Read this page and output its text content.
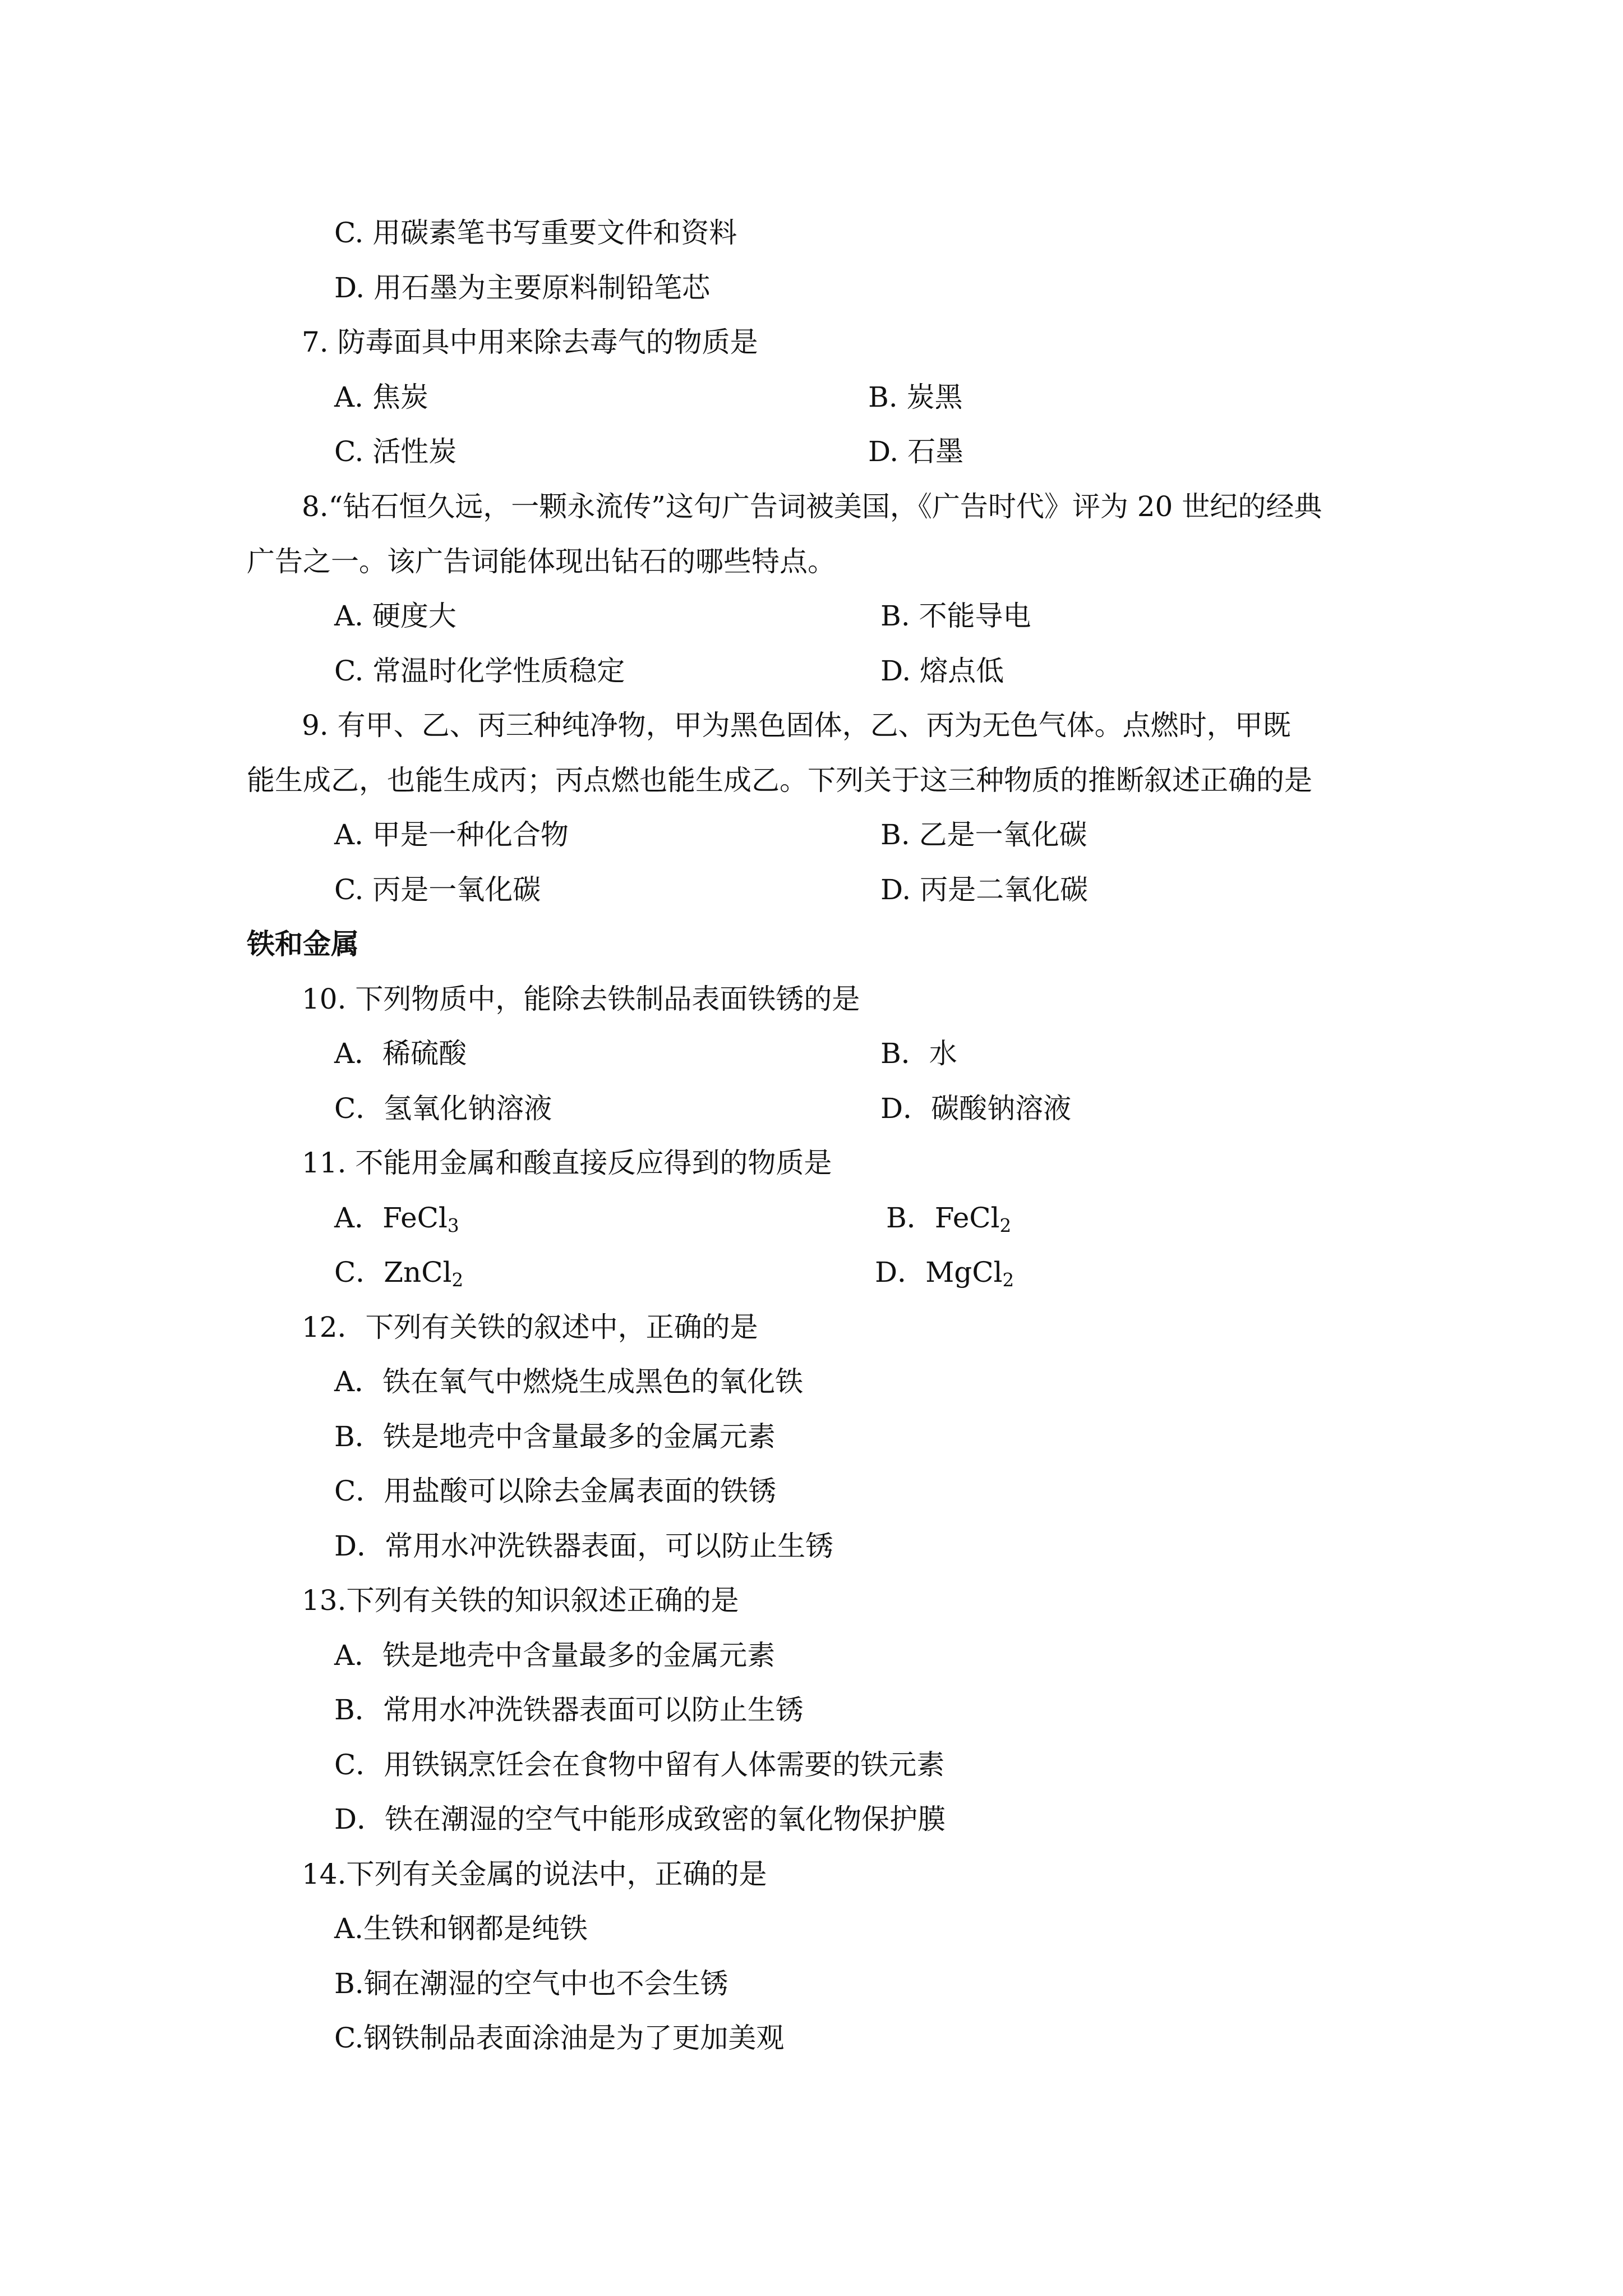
C. 用碳素笔书写重要文件和资料
D. 用石墨为主要原料制铅笔芯
7. 防毒面具中用来除去毒气的物质是
A. 焦炭	B. 炭黑
C. 活性炭	D. 石墨
8.“钻石恒久远，一颗永流传”这句广告词被美国，《广告时代》评为 20 世纪的经典
广告之一。该广告词能体现出钻石的哪些特点。
A. 硬度大	B. 不能导电
C. 常温时化学性质稳定	D. 熔点低
9. 有甲、乙、丙三种纯净物，甲为黑色固体，乙、丙为无色气体。点燃时，甲既
能生成乙，也能生成丙；丙点燃也能生成乙。下列关于这三种物质的推断叙述正确的是
A. 甲是一种化合物	B. 乙是一氧化碳
C. 丙是一氧化碳	D. 丙是二氧化碳
铁和金属
10. 下列物质中，能除去铁制品表面铁锈的是
A．稀硫酸	B．水
C．氢氧化钠溶液	D．碳酸钠溶液
11. 不能用金属和酸直接反应得到的物质是
A．FeCl$_3$	B．FeCl$_2$
C．ZnCl$_2$	D．MgCl$_2$
12．下列有关铁的叙述中，正确的是
A．铁在氧气中燃烧生成黑色的氧化铁
B．铁是地壳中含量最多的金属元素
C．用盐酸可以除去金属表面的铁锈
D．常用水冲洗铁器表面，可以防止生锈
13.下列有关铁的知识叙述正确的是
A．铁是地壳中含量最多的金属元素
B．常用水冲洗铁器表面可以防止生锈
C．用铁锅烹饪会在食物中留有人体需要的铁元素
D．铁在潮湿的空气中能形成致密的氧化物保护膜
14.下列有关金属的说法中，正确的是
A.生铁和钢都是纯铁
B.铜在潮湿的空气中也不会生锈
C.钢铁制品表面涂油是为了更加美观
